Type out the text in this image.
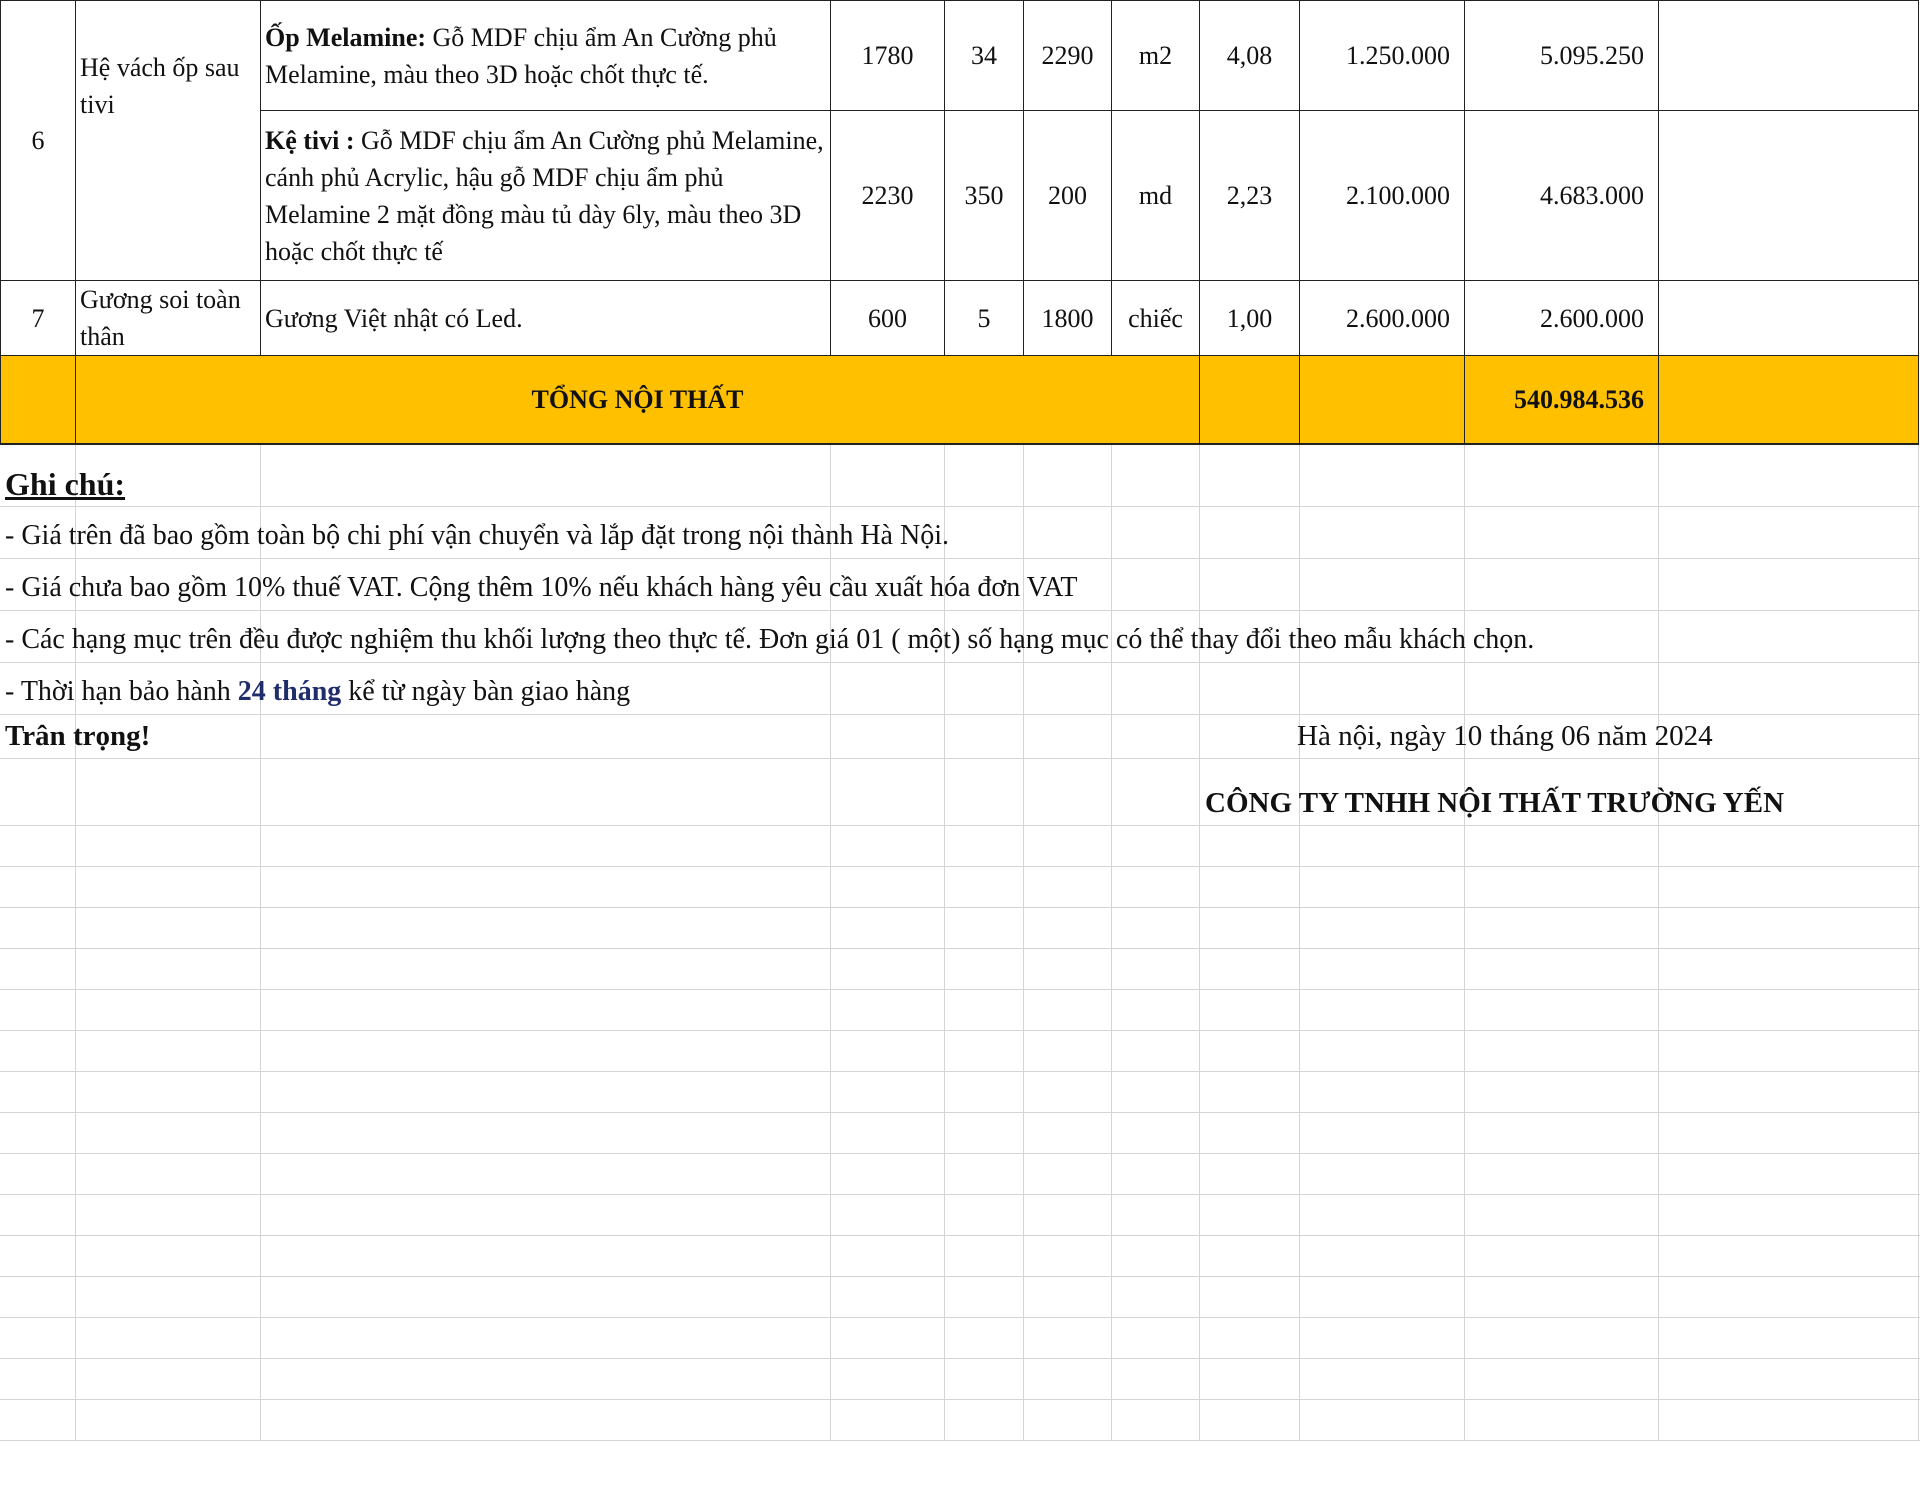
6	Hệ vách ốp sau tivi	Ốp Melamine: Gỗ MDF chịu ẩm An Cường phủ Melamine, màu theo 3D hoặc chốt thực tế.	1780	34	2290	m2	4,08	1.250.000	5.095.250	
		Kệ tivi : Gỗ MDF chịu ẩm An Cường phủ Melamine, cánh phủ Acrylic, hậu gỗ MDF chịu ẩm phủ Melamine 2 mặt đồng màu tủ dày 6ly, màu theo 3D hoặc chốt thực tế	2230	350	200	md	2,23	2.100.000	4.683.000	
7	Gương soi toàn thân	Gương Việt nhật có Led.	600	5	1800	chiếc	1,00	2.600.000	2.600.000	
	TỔNG NỘI THẤT								540.984.536	
Ghi chú:
- Giá trên đã bao gồm toàn bộ chi phí vận chuyển và lắp đặt trong nội thành Hà Nội.
- Giá chưa bao gồm 10% thuế VAT. Cộng thêm 10% nếu khách hàng yêu cầu xuất hóa đơn VAT
- Các hạng mục trên đều được nghiệm thu khối lượng theo thực tế. Đơn giá 01 ( một) số hạng mục có thể thay đổi theo mẫu khách chọn.
- Thời hạn bảo hành 24 tháng kể từ ngày bàn giao hàng
Trân trọng!	Hà nội, ngày 10 tháng 06 năm 2024
CÔNG TY TNHH NỘI THẤT TRƯỜNG YẾN
